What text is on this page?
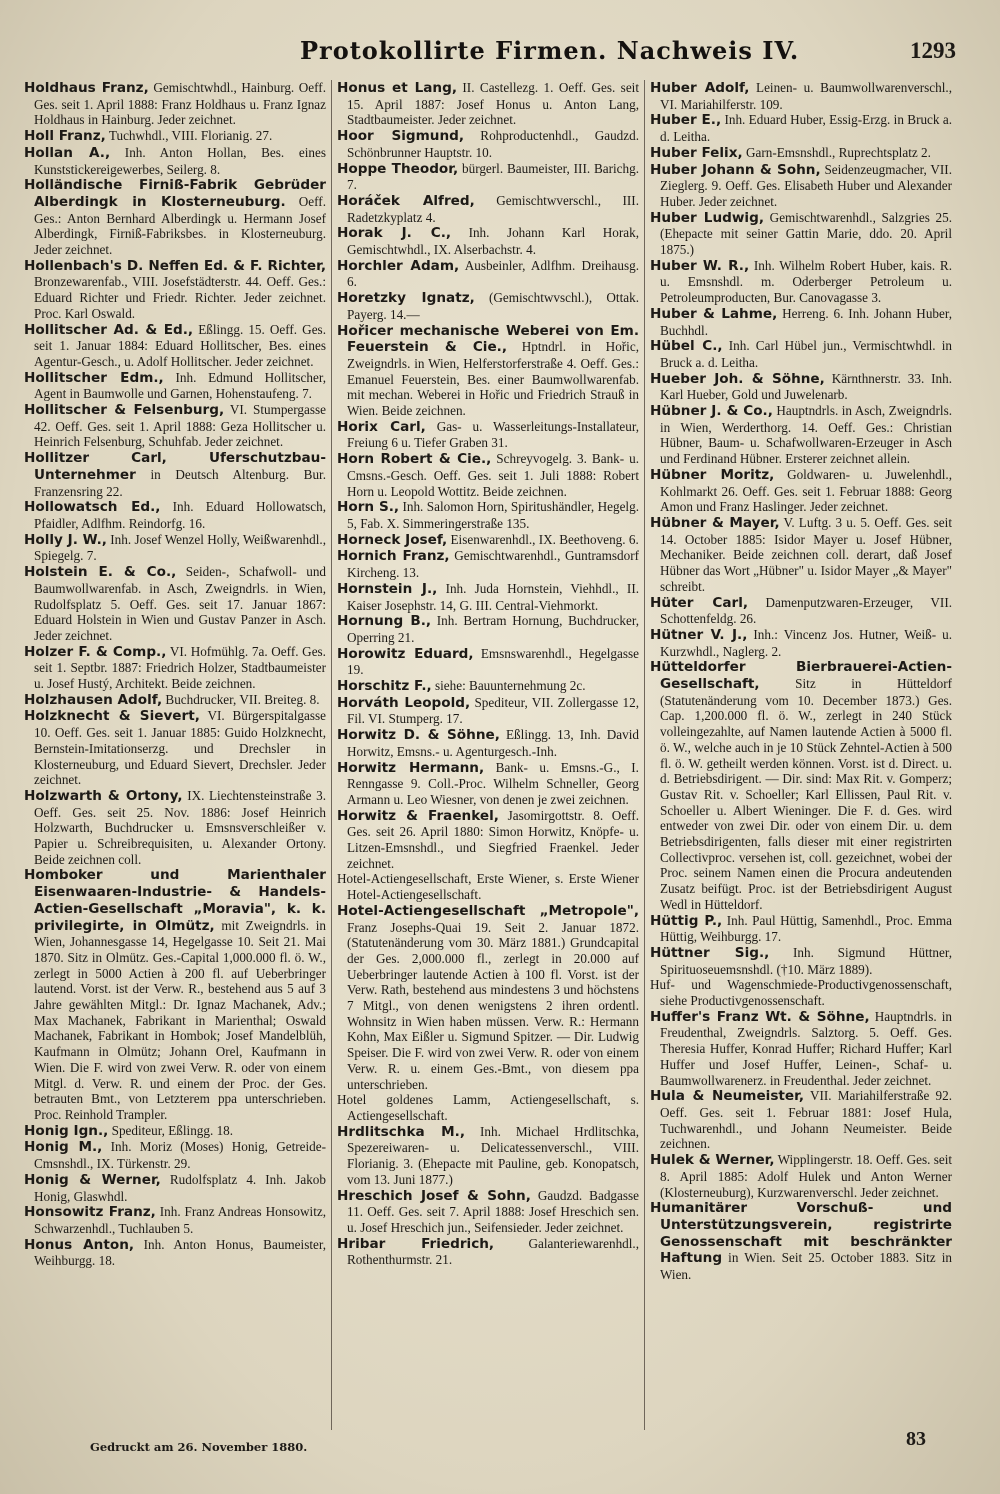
Protokollirte Firmen. Nachweis IV.	1293

Holdhaus Franz, Gemischtwhdl., Hainburg. Oeff. Ges. seit 1. April 1888: Franz Holdhaus u. Franz Ignaz Holdhaus in Hainburg. Jeder zeichnet.

Holl Franz, Tuchwhdl., VIII. Florianig. 27.

Hollan A., Inh. Anton Hollan, Bes. eines Kunststickereigewerbes, Seilerg. 8.

Holländische Firniß-Fabrik Gebrüder Alberdingk in Klosterneuburg. Oeff. Ges.: Anton Bernhard Alberdingk u. Hermann Josef Alberdingk, Firniß-Fabriksbes. in Klosterneuburg. Jeder zeichnet.

Hollenbach's D. Neffen Ed. & F. Richter, Bronzewarenfab., VIII. Josefstädterstr. 44. Oeff. Ges.: Eduard Richter und Friedr. Richter. Jeder zeichnet. Proc. Karl Oswald.

Hollitscher Ad. & Ed., Eßlingg. 15. Oeff. Ges. seit 1. Januar 1884: Eduard Hollitscher, Bes. eines Agentur-Gesch., u. Adolf Hollitscher. Jeder zeichnet.

Hollitscher Edm., Inh. Edmund Hollitscher, Agent in Baumwolle und Garnen, Hohenstaufeng. 7.

Hollitscher & Felsenburg, VI. Stumpergasse 42. Oeff. Ges. seit 1. April 1888: Geza Hollitscher u. Heinrich Felsenburg, Schuhfab. Jeder zeichnet.

Hollitzer Carl, Uferschutzbau-Unternehmer in Deutsch Altenburg. Bur. Franzensring 22.

Hollowatsch Ed., Inh. Eduard Hollowatsch, Pfaidler, Adlfhm. Reindorfg. 16.

Holly J. W., Inh. Josef Wenzel Holly, Weißwarenhdl., Spiegelg. 7.

Holstein E. & Co., Seiden-, Schafwoll- und Baumwollwarenfab. in Asch, Zweigndrls. in Wien, Rudolfsplatz 5. Oeff. Ges. seit 17. Januar 1867: Eduard Holstein in Wien und Gustav Panzer in Asch. Jeder zeichnet.

Holzer F. & Comp., VI. Hofmühlg. 7a. Oeff. Ges. seit 1. Septbr. 1887: Friedrich Holzer, Stadtbaumeister u. Josef Hustý, Architekt. Beide zeichnen.

Holzhausen Adolf, Buchdrucker, VII. Breiteg. 8.

Holzknecht & Sievert, VI. Bürgerspitalgasse 10. Oeff. Ges. seit 1. Januar 1885: Guido Holzknecht, Bernstein-Imitationserzg. und Drechsler in Klosterneuburg, und Eduard Sievert, Drechsler. Jeder zeichnet.

Holzwarth & Ortony, IX. Liechtensteinstraße 3. Oeff. Ges. seit 25. Nov. 1886: Josef Heinrich Holzwarth, Buchdrucker u. Emsnsverschleißer v. Papier u. Schreibrequisiten, u. Alexander Ortony. Beide zeichnen coll.

Homboker und Marienthaler Eisenwaaren-Industrie- & Handels-Actien-Gesellschaft „Moravia", k. k. privilegirte, in Olmütz, mit Zweigndrls. in Wien, Johannesgasse 14, Hegelgasse 10. Seit 21. Mai 1870. Sitz in Olmütz. Ges.-Capital 1,000.000 fl. ö. W., zerlegt in 5000 Actien à 200 fl. auf Ueberbringer lautend. Vorst. ist der Verw. R., bestehend aus 5 auf 3 Jahre gewählten Mitgl.: Dr. Ignaz Machanek, Adv.; Max Machanek, Fabrikant in Marienthal; Oswald Machanek, Fabrikant in Hombok; Josef Mandelblüh, Kaufmann in Olmütz; Johann Orel, Kaufmann in Wien. Die F. wird von zwei Verw. R. oder von einem Mitgl. d. Verw. R. und einem der Proc. der Ges. betrauten Bmt., von Letzterem ppa unterschrieben. Proc. Reinhold Trampler.

Honig Ign., Spediteur, Eßlingg. 18.

Honig M., Inh. Moriz (Moses) Honig, Getreide-Cmsnshdl., IX. Türkenstr. 29.

Honig & Werner, Rudolfsplatz 4. Inh. Jakob Honig, Glaswhdl.

Honsowitz Franz, Inh. Franz Andreas Honsowitz, Schwarzenhdl., Tuchlauben 5.

Honus Anton, Inh. Anton Honus, Baumeister, Weihburgg. 18.

Honus et Lang, II. Castellezg. 1. Oeff. Ges. seit 15. April 1887: Josef Honus u. Anton Lang, Stadtbaumeister. Jeder zeichnet.

Hoor Sigmund, Rohproductenhdl., Gaudzd. Schönbrunner Hauptstr. 10.

Hoppe Theodor, bürgerl. Baumeister, III. Barichg. 7.

Horáček Alfred, Gemischtwverschl., III. Radetzkyplatz 4.

Horak J. C., Inh. Johann Karl Horak, Gemischtwhdl., IX. Alserbachstr. 4.

Horchler Adam, Ausbeinler, Adlfhm. Dreihausg. 6.

Horetzky Ignatz, (Gemischtwvschl.), Ottak. Payerg. 14.—

Hořicer mechanische Weberei von Em. Feuerstein & Cie., Hptndrl. in Hořic, Zweigndrls. in Wien, Helferstorferstraße 4. Oeff. Ges.: Emanuel Feuerstein, Bes. einer Baumwollwarenfab. mit mechan. Weberei in Hořic und Friedrich Strauß in Wien. Beide zeichnen.

Horix Carl, Gas- u. Wasserleitungs-Installateur, Freiung 6 u. Tiefer Graben 31.

Horn Robert & Cie., Schreyvogelg. 3. Bank- u. Cmsns.-Gesch. Oeff. Ges. seit 1. Juli 1888: Robert Horn u. Leopold Wottitz. Beide zeichnen.

Horn S., Inh. Salomon Horn, Spiritushändler, Hegelg. 5, Fab. X. Simmeringerstraße 135.

Horneck Josef, Eisenwarenhdl., IX. Beethoveng. 6.

Hornich Franz, Gemischtwarenhdl., Guntramsdorf Kircheng. 13.

Hornstein J., Inh. Juda Hornstein, Viehhdl., II. Kaiser Josephstr. 14, G. III. Central-Viehmorkt.

Hornung B., Inh. Bertram Hornung, Buchdrucker, Operring 21.

Horowitz Eduard, Emsnswarenhdl., Hegelgasse 19.

Horschitz F., siehe: Bauunternehmung 2c.

Horváth Leopold, Spediteur, VII. Zollergasse 12, Fil. VI. Stumperg. 17.

Horwitz D. & Söhne, Eßlingg. 13, Inh. David Horwitz, Emsns.- u. Agenturgesch.-Inh.

Horwitz Hermann, Bank- u. Emsns.-G., I. Renngasse 9. Coll.-Proc. Wilhelm Schneller, Georg Armann u. Leo Wiesner, von denen je zwei zeichnen.

Horwitz & Fraenkel, Jasomirgottstr. 8. Oeff. Ges. seit 26. April 1880: Simon Horwitz, Knöpfe- u. Litzen-Emsnshdl., und Siegfried Fraenkel. Jeder zeichnet.

Hotel-Actiengesellschaft, Erste Wiener, s. Erste Wiener Hotel-Actiengesellschaft.

Hotel-Actiengesellschaft „Metropole", Franz Josephs-Quai 19. Seit 2. Januar 1872. (Statutenänderung vom 30. März 1881.) Grundcapital der Ges. 2,000.000 fl., zerlegt in 20.000 auf Ueberbringer lautende Actien à 100 fl. Vorst. ist der Verw. Rath, bestehend aus mindestens 3 und höchstens 7 Mitgl., von denen wenigstens 2 ihren ordentl. Wohnsitz in Wien haben müssen. Verw. R.: Hermann Kohn, Max Eißler u. Sigmund Spitzer. — Dir. Ludwig Speiser. Die F. wird von zwei Verw. R. oder von einem Verw. R. u. einem Ges.-Bmt., von diesem ppa unterschrieben.

Hotel goldenes Lamm, Actiengesellschaft, s. Actiengesellschaft.

Hrdlitschka M., Inh. Michael Hrdlitschka, Spezereiwaren- u. Delicatessenverschl., VIII. Florianig. 3. (Ehepacte mit Pauline, geb. Konopatsch, vom 13. Juni 1877.)

Hreschich Josef & Sohn, Gaudzd. Badgasse 11. Oeff. Ges. seit 7. April 1888: Josef Hreschich sen. u. Josef Hreschich jun., Seifensieder. Jeder zeichnet.

Hribar Friedrich,	Galanteriewarenhdl., Rothenthurmstr. 21.

Huber Adolf, Leinen- u. Baumwollwarenverschl., VI. Mariahilferstr. 109.

Huber E., Inh. Eduard Huber, Essig-Erzg. in Bruck a. d. Leitha.

Huber Felix, Garn-Emsnshdl., Ruprechtsplatz 2.

Huber Johann & Sohn, Seidenzeugmacher, VII. Zieglerg. 9. Oeff. Ges. Elisabeth Huber und Alexander Huber. Jeder zeichnet.

Huber Ludwig, Gemischtwarenhdl., Salzgries 25. (Ehepacte mit seiner Gattin Marie, ddo. 20. April 1875.)

Huber W. R., Inh. Wilhelm Robert Huber, kais. R. u. Emsnshdl. m. Oderberger Petroleum u. Petroleumproducten, Bur. Canovagasse 3.

Huber & Lahme, Herreng. 6. Inh. Johann Huber, Buchhdl.

Hübel C., Inh. Carl Hübel jun., Vermischtwhdl. in Bruck a. d. Leitha.

Hueber Joh. & Söhne, Kärnthnerstr. 33. Inh. Karl Hueber, Gold und Juwelenarb.

Hübner J. & Co., Hauptndrls. in Asch, Zweigndrls. in Wien, Werderthorg. 14. Oeff. Ges.: Christian Hübner, Baum- u. Schafwollwaren-Erzeuger in Asch und Ferdinand Hübner. Ersterer zeichnet allein.

Hübner Moritz, Goldwaren- u. Juwelenhdl., Kohlmarkt 26. Oeff. Ges. seit 1. Februar 1888: Georg Amon und Franz Haslinger. Jeder zeichnet.

Hübner & Mayer, V. Luftg. 3 u. 5. Oeff. Ges. seit 14. October 1885: Isidor Mayer u. Josef Hübner, Mechaniker. Beide zeichnen coll. derart, daß Josef Hübner das Wort „Hübner" u. Isidor Mayer „& Mayer" schreibt.

Hüter Carl, Damenputzwaren-Erzeuger, VII. Schottenfeldg. 26.

Hütner V. J., Inh.: Vincenz Jos. Hutner, Weiß- u. Kurzwhdl., Naglerg. 2.

Hütteldorfer Bierbrauerei-Actien-Gesellschaft,	Sitz in Hütteldorf (Statutenänderung vom 10. December 1873.) Ges. Cap. 1,200.000 fl. ö. W., zerlegt in 240 Stück volleingezahlte, auf Namen lautende Actien à 5000 fl. ö. W., welche auch in je 10 Stück Zehntel-Actien à 500 fl. ö. W. getheilt werden können. Vorst. ist d. Direct. u. d. Betriebsdirigent. — Dir. sind: Max Rit. v. Gomperz; Gustav Rit. v. Schoeller; Karl Ellissen, Paul Rit. v. Schoeller u. Albert Wieninger. Die F. d. Ges. wird entweder von zwei Dir. oder von einem Dir. u. dem Betriebsdirigenten, falls dieser mit einer registrirten Collectivproc. versehen ist, coll. gezeichnet, wobei der Proc. seinem Namen einen die Procura andeutenden Zusatz beifügt. Proc. ist der Betriebsdirigent August Wedl in Hütteldorf.

Hüttig P., Inh. Paul Hüttig, Samenhdl., Proc. Emma Hüttig, Weihburgg. 17.

Hüttner Sig., Inh. Sigmund Hüttner, Spirituoseuemsnshdl. (†10. März 1889).

Huf- und Wagenschmiede-Productivgenossenschaft, siehe Productivgenossenschaft.

Huffer's Franz Wt. & Söhne, Hauptndrls. in Freudenthal, Zweigndrls. Salztorg. 5. Oeff. Ges. Theresia Huffer, Konrad Huffer; Richard Huffer; Karl Huffer und Josef Huffer, Leinen-, Schaf- u. Baumwollwarenerz. in Freudenthal. Jeder zeichnet.

Hula & Neumeister, VII. Mariahilferstraße 92. Oeff. Ges. seit 1. Februar 1881: Josef Hula, Tuchwarenhdl., und Johann Neumeister. Beide zeichnen.

Hulek & Werner, Wipplingerstr. 18. Oeff. Ges. seit 8. April 1885: Adolf Hulek und Anton Werner (Klosterneuburg), Kurzwarenverschl. Jeder zeichnet.

Humanitärer Vorschuß- und Unterstützungsverein, registrirte Genossenschaft mit beschränkter Haftung in Wien. Seit 25. October 1883. Sitz in Wien.

Gedruckt am 26. November 1880.	83
